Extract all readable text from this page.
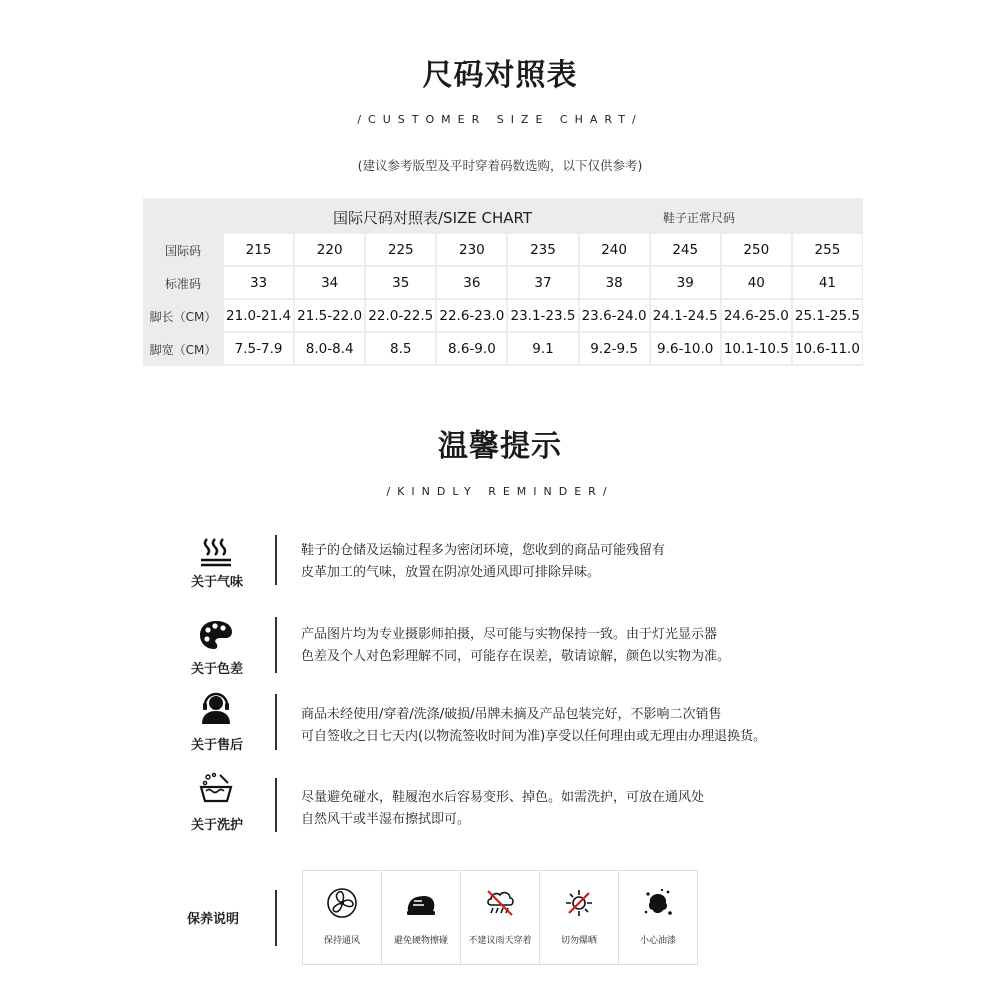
尺码对照表
/CUSTOMER SIZE CHART/
(建议参考版型及平时穿着码数选购，以下仅供参考)
国际尺码对照表/SIZE CHART	鞋子正常尺码
国际码	215	220	225	230	235	240	245	250	255
标准码	33	34	35	36	37	38	39	40	41
脚长（CM） 21.0-21.4 21.5-22.0 22.0-22.5 22.6-23.0 23.1-23.5 23.6-24.0 24.1-24.5 24.6-25.0 25.1-25.5
脚宽（CM）	7.5-7.9	8.0-8.4	8.5	8.6-9.0	9.1	9.2-9.5	9.6-10.0 10.1-10.5 10.6-11.0
温馨提示
/KINDLY REMINDER/
关于气味
鞋子的仓储及运输过程多为密闭环境，您收到的商品可能残留有
皮革加工的气味，放置在阴凉处通风即可排除异味。
关于色差
产品图片均为专业摄影师拍摄，尽可能与实物保持一致。由于灯光显示器
色差及个人对色彩理解不同，可能存在误差，敬请谅解，颜色以实物为准。
关于售后
商品未经使用/穿着/洗涤/破损/吊牌未摘及产品包装完好，不影响二次销售
可自签收之日七天内(以物流签收时间为准)享受以任何理由或无理由办理退换货。
关于洗护
尽量避免碰水，鞋履泡水后容易变形、掉色。如需洗护，可放在通风处
自然风干或半湿布擦拭即可。
保养说明
保持通风	避免硬物擦碰	不建议雨天穿着	切勿爆晒	小心油漆
